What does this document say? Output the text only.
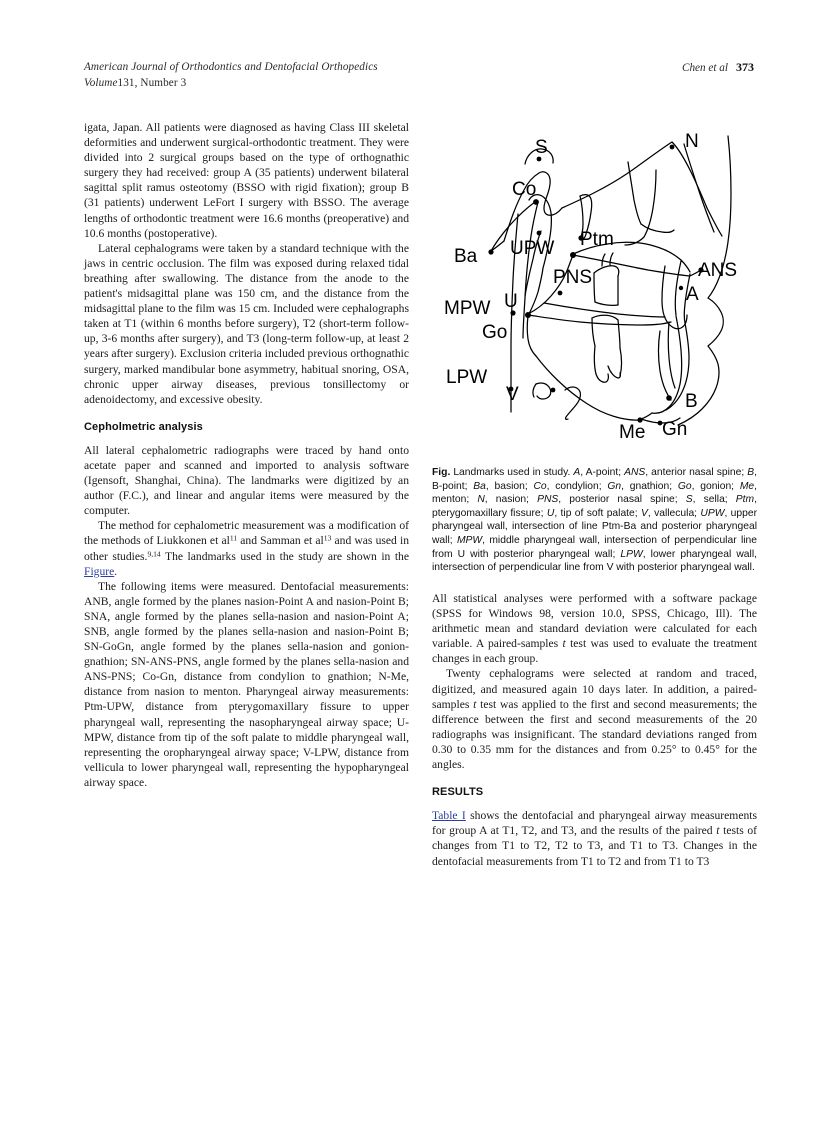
American Journal of Orthodontics and Dentofacial Orthopedics
Volume131, Number 3
Chen et al 373

igata, Japan. All patients were diagnosed as having Class III skeletal deformities and underwent surgical-orthodontic treatment. They were divided into 2 surgical groups based on the type of orthognathic surgery they had received: group A (35 patients) underwent bilateral sagittal split ramus osteotomy (BSSO with rigid fixation); group B (31 patients) underwent LeFort I surgery with BSSO. The average lengths of orthodontic treatment were 16.6 months (preoperative) and 10.6 months (postoperative).

Lateral cephalograms were taken by a standard technique with the jaws in centric occlusion. The film was exposed during relaxed tidal breathing after swallowing. The distance from the anode to the patient's midsagittal plane was 150 cm, and the distance from the midsagittal plane to the film was 15 cm. Included were cephalographs taken at T1 (within 6 months before surgery), T2 (short-term follow-up, 3-6 months after surgery), and T3 (long-term follow-up, at least 2 years after surgery). Exclusion criteria included previous orthognathic surgery, marked mandibular bone asymmetry, habitual snoring, OSA, chronic upper airway diseases, previous tonsillectomy or adenoidectomy, and excessive obesity.

Cepholmetric analysis

All lateral cephalometric radiographs were traced by hand onto acetate paper and scanned and imported to analysis software (Igensoft, Shanghai, China). The landmarks were digitized by an author (F.C.), and linear and angular items were measured by the computer.

The method for cephalometric measurement was a modification of the methods of Liukkonen et $al^{11}$ and Samman et $al^{13}$ and was used in other studies.$^{9,14}$ The landmarks used in the study are shown in the Figure.

The following items were measured. Dentofacial measurements: ANB, angle formed by the planes nasion-Point A and nasion-Point B; SNA, angle formed by the planes sella-nasion and nasion-Point A; SNB, angle formed by the planes sella-nasion and nasion-Point B; SN-GoGn, angle formed by the planes sella-nasion and gonion-gnathion; SN-ANS-PNS, angle formed by the planes sella-nasion and ANS-PNS; Co-Gn, distance from condylion to gnathion; N-Me, distance from nasion to menton. Pharyngeal airway measurements: Ptm-UPW, distance from pterygomaxillary fissure to upper pharyngeal wall, representing the nasopharyngeal airway space; U-MPW, distance from tip of the soft palate to middle pharyngeal wall, representing the oropharyngeal airway space; V-LPW, distance from vellicula to lower pharyngeal wall, representing the hypopharyngeal airway space.

S	N
Co
Ptm
Ba UPW
PNS	ANS
MPW U	A
Go
LPW
V	B
Me Gn
Fig. Landmarks used in study. A, A-point; ANS, anterior nasal spine; B, B-point; Ba, basion; Co, condylion; Gn, gnathion; Go, gonion; Me, menton; N, nasion; PNS, posterior nasal spine; S, sella; Ptm, pterygomaxillary fissure; U, tip of soft palate; V, vallecula; UPW, upper pharyngeal wall, intersection of line Ptm-Ba and posterior pharyngeal wall; MPW, middle pharyngeal wall, intersection of perpendicular line from U with posterior pharyngeal wall; LPW, lower pharyngeal wall, intersection of perpendicular line from V with posterior pharyngeal wall.

All statistical analyses were performed with a software package (SPSS for Windows 98, version 10.0, SPSS, Chicago, Ill). The arithmetic mean and standard deviation were calculated for each variable. A paired-samples t test was used to evaluate the treatment changes in each group.

Twenty cephalograms were selected at random and traced, digitized, and measured again 10 days later. In addition, a paired-samples t test was applied to the first and second measurements; the difference between the first and second measurements of the 20 radiographs was insignificant. The standard deviations ranged from 0.30 to 0.35 mm for the distances and from 0.25° to 0.45° for the angles.

RESULTS

Table I shows the dentofacial and pharyngeal airway measurements for group A at T1, T2, and T3, and the results of the paired t tests of changes from T1 to T2, T2 to T3, and T1 to T3. Changes in the dentofacial measurements from T1 to T2 and from T1 to T3
